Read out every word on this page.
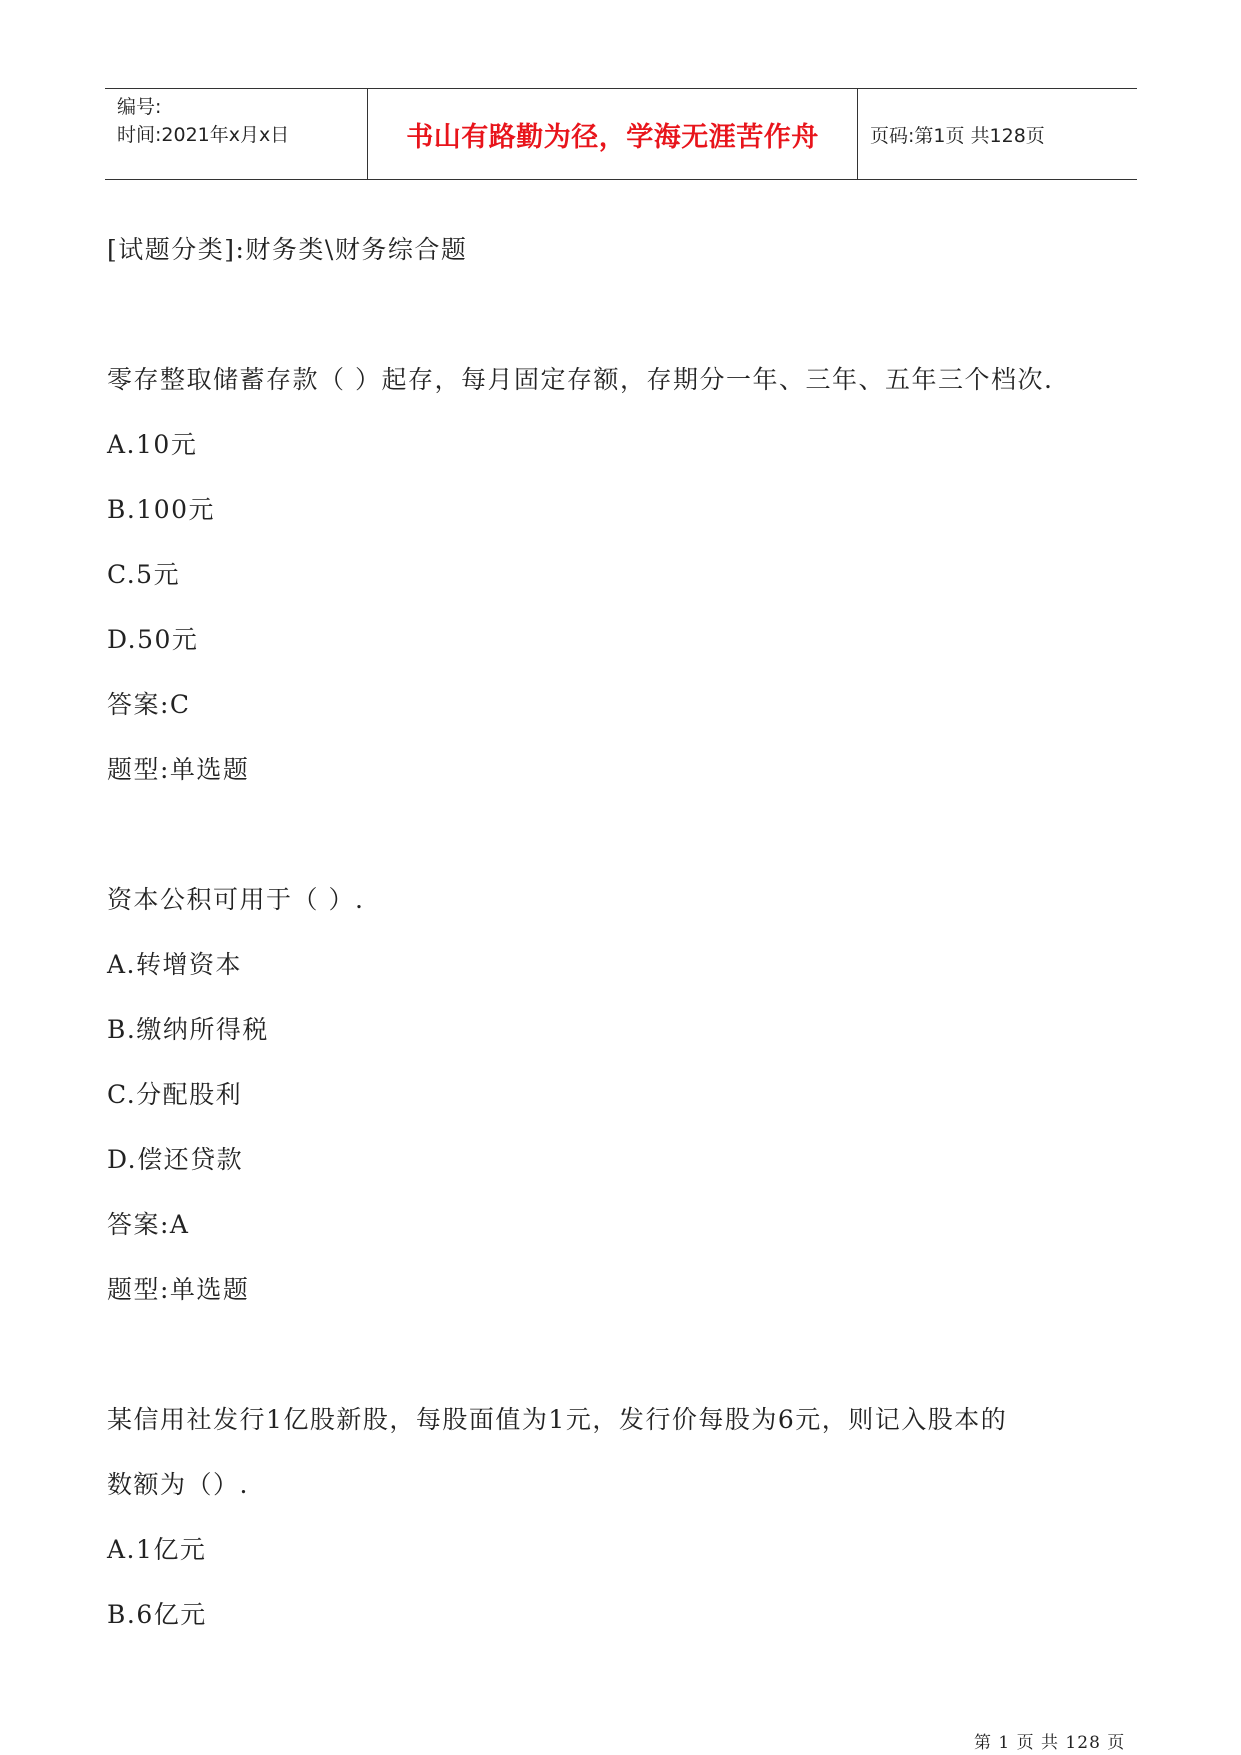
编号:
时间:2021年x月x日	书山有路勤为径，学海无涯苦作舟	页码:第1页 共128页
[试题分类]:财务类\财务综合题
零存整取储蓄存款（ ）起存，每月固定存额，存期分一年、三年、五年三个档次.
A.10元
B.100元
C.5元
D.50元
答案:C
题型:单选题
资本公积可用于（ ）.
A.转增资本
B.缴纳所得税
C.分配股利
D.偿还贷款
答案:A
题型:单选题
某信用社发行1亿股新股，每股面值为1元，发行价每股为6元，则记入股本的
数额为（）.
A.1亿元
B.6亿元
第 1 页 共 128 页
